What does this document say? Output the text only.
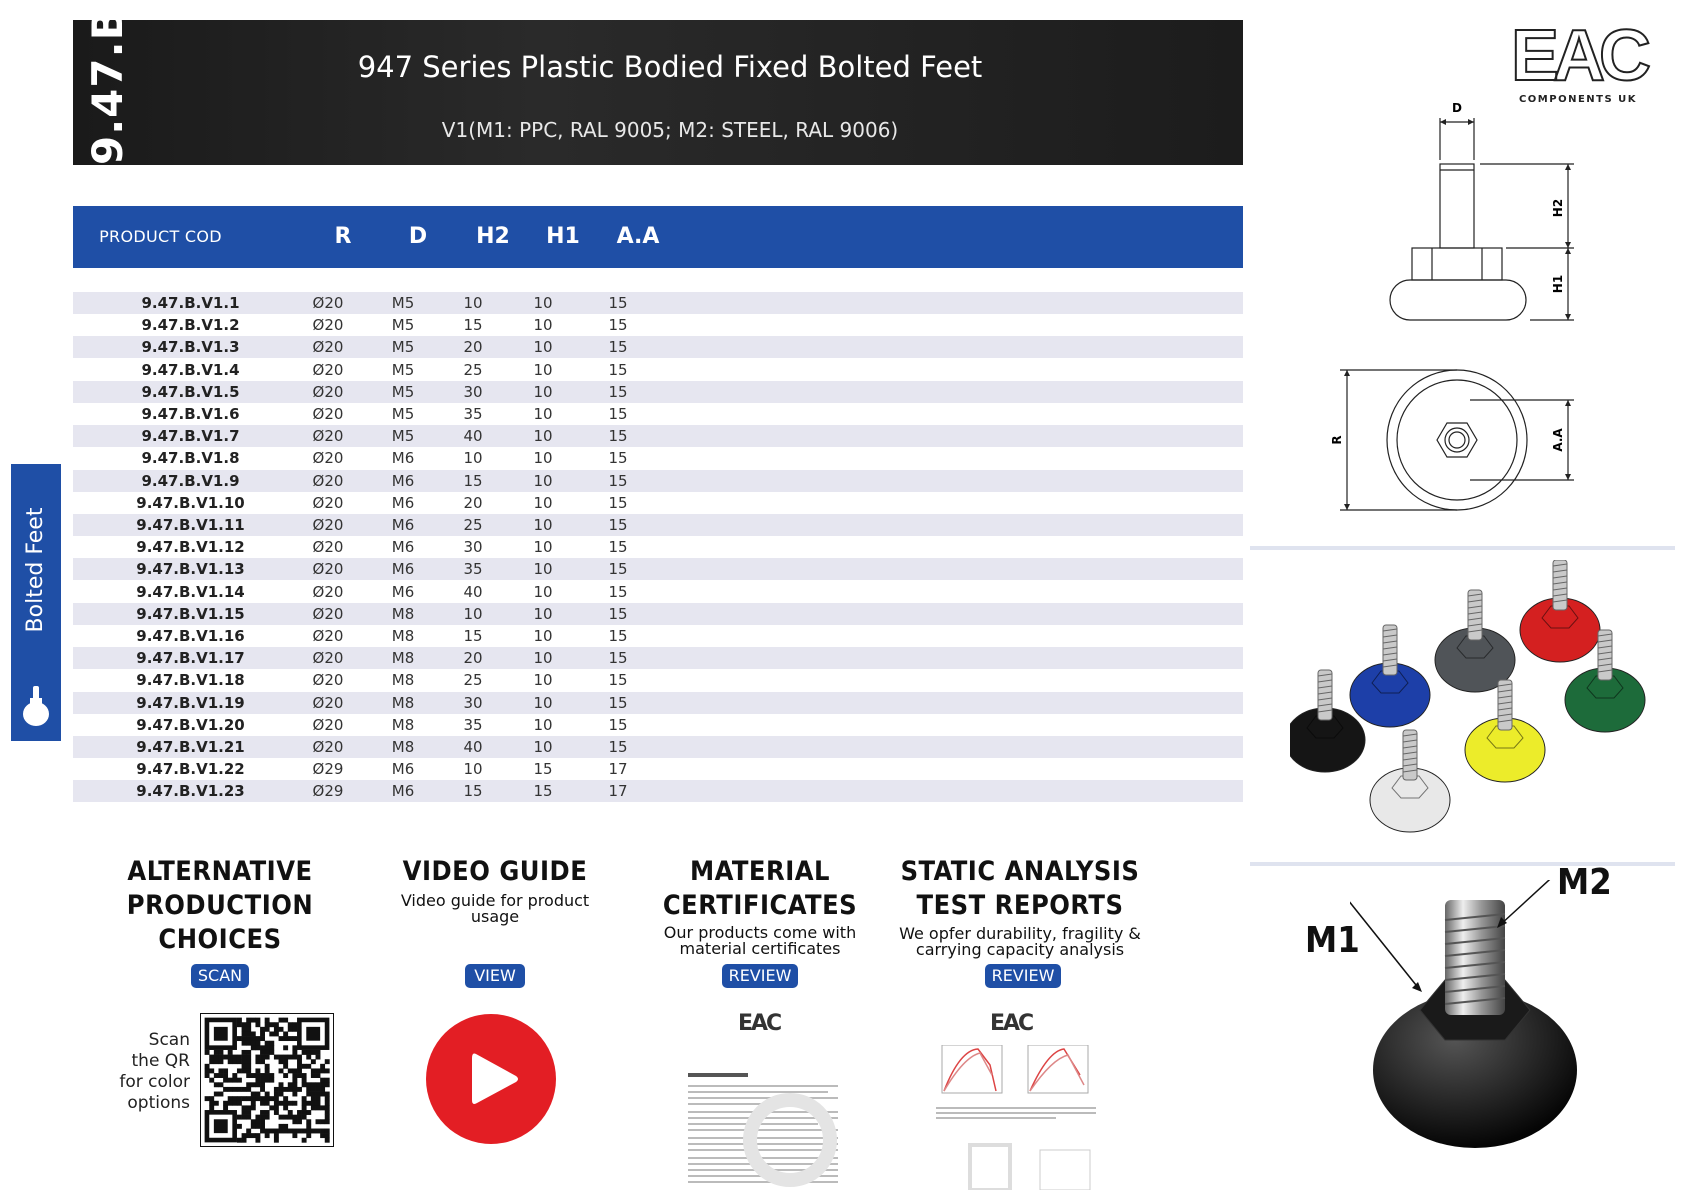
9.47.B	947 Series Plastic Bodied Fixed Bolted Feet
V1(M1: PPC, RAL 9005; M2: STEEL, RAL 9006)
PRODUCT COD	R	D	H2	H1	A.A
9.47.B.V1.1	Ø20	M5	10	10	15
9.47.B.V1.2	Ø20	M5	15	10	15
9.47.B.V1.3	Ø20	M5	20	10	15
9.47.B.V1.4	Ø20	M5	25	10	15
9.47.B.V1.5	Ø20	M5	30	10	15
9.47.B.V1.6	Ø20	M5	35	10	15
9.47.B.V1.7	Ø20	M5	40	10	15
9.47.B.V1.8	Ø20	M6	10	10	15
9.47.B.V1.9	Ø20	M6	15	10	15
9.47.B.V1.10	Ø20	M6	20	10	15
9.47.B.V1.11	Ø20	M6	25	10	15
9.47.B.V1.12	Ø20	M6	30	10	15
9.47.B.V1.13	Ø20	M6	35	10	15
9.47.B.V1.14	Ø20	M6	40	10	15
9.47.B.V1.15	Ø20	M8	10	10	15
9.47.B.V1.16	Ø20	M8	15	10	15
9.47.B.V1.17	Ø20	M8	20	10	15
9.47.B.V1.18	Ø20	M8	25	10	15
9.47.B.V1.19	Ø20	M8	30	10	15
9.47.B.V1.20	Ø20	M8	35	10	15
9.47.B.V1.21	Ø20	M8	40	10	15
9.47.B.V1.22	Ø29	M6	10	15	17
9.47.B.V1.23	Ø29	M6	15	15	17
Bolted Feet
ALTERNATIVE
PRODUCTION
CHOICES
SCAN
Scan
the QR
for color
options
VIDEO GUIDE
Video guide for product
usage
VIEW
MATERIAL
CERTIFICATES
Our products come with
material certificates
REVIEW
EAC
STATIC ANALYSIS
TEST REPORTS
We opfer durability, fragility &
carrying capacity analysis
REVIEW
EAC
EAC
COMPONENTS UK
D
H2
H1
R	A.A
M1
M2
